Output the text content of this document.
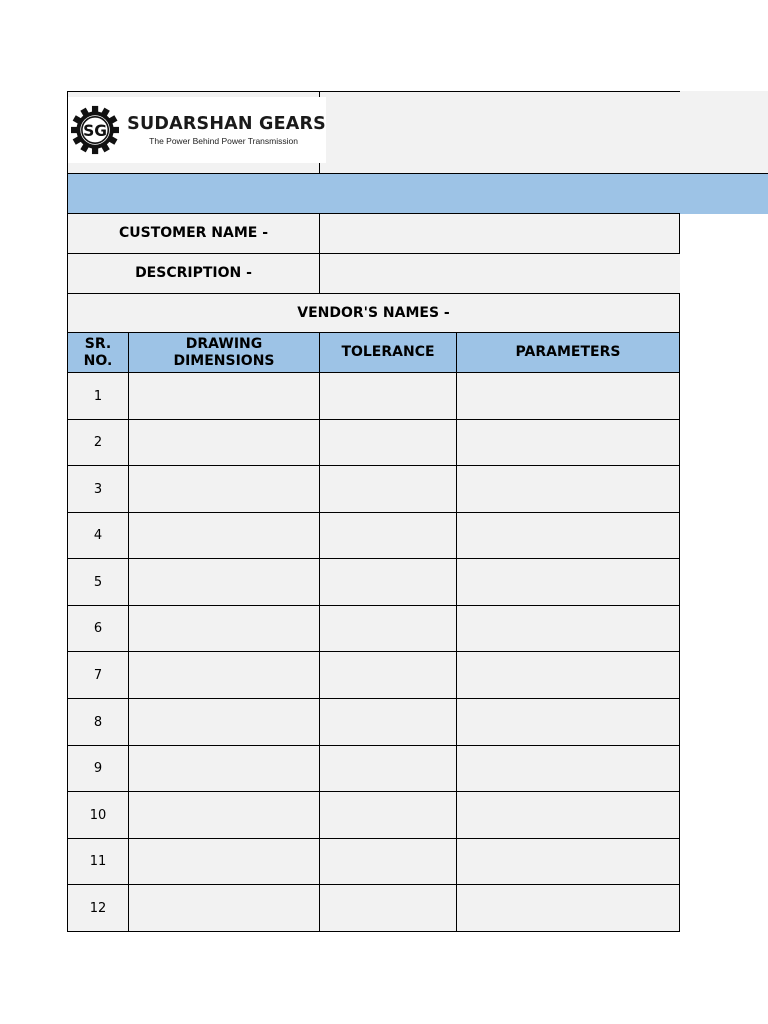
SG SUDARSHAN GEARS
The Power Behind Power Transmission
CUSTOMER NAME -
DESCRIPTION -
VENDOR'S NAMES -
SR. NO.
DRAWING DIMENSIONS
TOLERANCE	PARAMETERS
1
2
3
4
5
6
7
8
9
10
11
12
